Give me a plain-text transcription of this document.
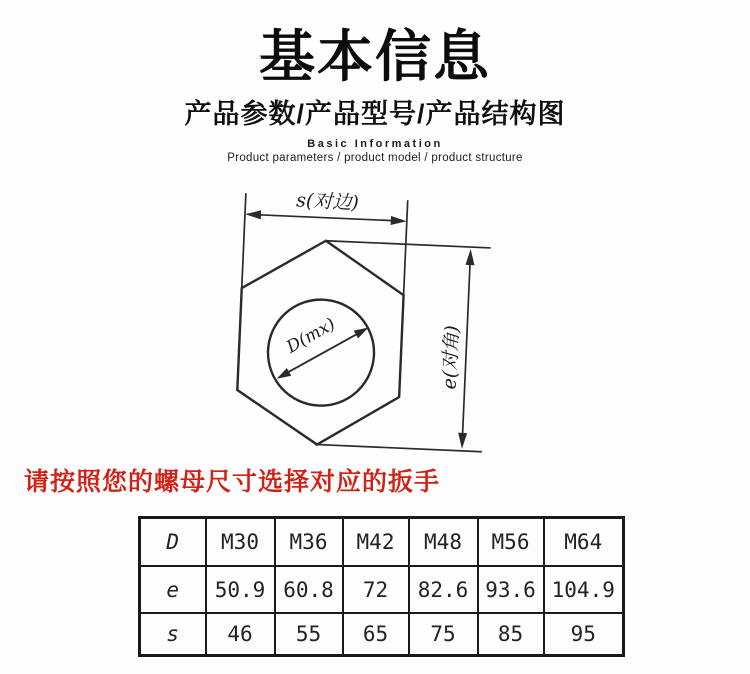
基本信息
产品参数/产品型号/产品结构图
Basic Information
Product parameters / product model / product structure
s(对边)
e(对角)
D(mx)
请按照您的螺母尺寸选择对应的扳手
D	M30	M36	M42	M48	M56	M64
e	50.9	60.8	72	82.6	93.6	104.9
s	46	55	65	75	85	95
